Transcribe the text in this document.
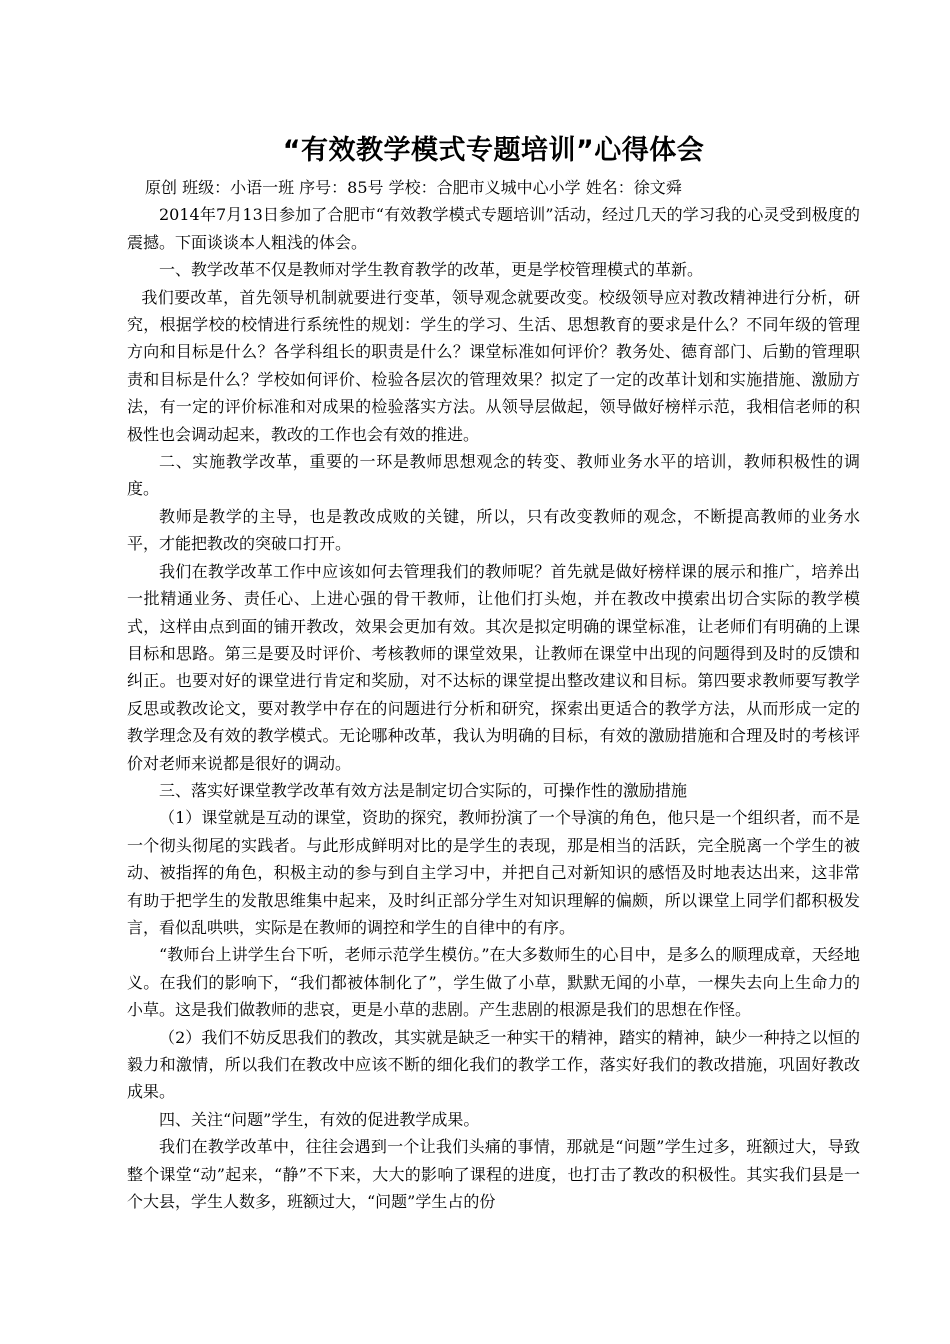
“有效教学模式专题培训”心得体会

原创 班级：小语一班 序号：85号 学校：合肥市义城中心小学 姓名：徐文舜

2014年7月13日参加了合肥市“有效教学模式专题培训”活动，经过几天的学习我的心灵受到极度的震撼。下面谈谈本人粗浅的体会。

一、教学改革不仅是教师对学生教育教学的改革，更是学校管理模式的革新。

我们要改革，首先领导机制就要进行变革，领导观念就要改变。校级领导应对教改精神进行分析，研究，根据学校的校情进行系统性的规划：学生的学习、生活、思想教育的要求是什么？不同年级的管理方向和目标是什么？各学科组长的职责是什么？课堂标准如何评价？教务处、德育部门、后勤的管理职责和目标是什么？学校如何评价、检验各层次的管理效果？拟定了一定的改革计划和实施措施、激励方法，有一定的评价标准和对成果的检验落实方法。从领导层做起，领导做好榜样示范，我相信老师的积极性也会调动起来，教改的工作也会有效的推进。

二、实施教学改革，重要的一环是教师思想观念的转变、教师业务水平的培训，教师积极性的调度。

教师是教学的主导，也是教改成败的关键，所以，只有改变教师的观念，不断提高教师的业务水平，才能把教改的突破口打开。

我们在教学改革工作中应该如何去管理我们的教师呢？首先就是做好榜样课的展示和推广，培养出一批精通业务、责任心、上进心强的骨干教师，让他们打头炮，并在教改中摸索出切合实际的教学模式，这样由点到面的铺开教改，效果会更加有效。其次是拟定明确的课堂标准，让老师们有明确的上课目标和思路。第三是要及时评价、考核教师的课堂效果，让教师在课堂中出现的问题得到及时的反馈和纠正。也要对好的课堂进行肯定和奖励，对不达标的课堂提出整改建议和目标。第四要求教师要写教学反思或教改论文，要对教学中存在的问题进行分析和研究，探索出更适合的教学方法，从而形成一定的教学理念及有效的教学模式。无论哪种改革，我认为明确的目标，有效的激励措施和合理及时的考核评价对老师来说都是很好的调动。

三、落实好课堂教学改革有效方法是制定切合实际的，可操作性的激励措施

（1）课堂就是互动的课堂，资助的探究，教师扮演了一个导演的角色，他只是一个组织者，而不是一个彻头彻尾的实践者。与此形成鲜明对比的是学生的表现，那是相当的活跃，完全脱离一个学生的被动、被指挥的角色，积极主动的参与到自主学习中，并把自己对新知识的感悟及时地表达出来，这非常有助于把学生的发散思维集中起来，及时纠正部分学生对知识理解的偏颇，所以课堂上同学们都积极发言，看似乱哄哄，实际是在教师的调控和学生的自律中的有序。

“教师台上讲学生台下听，老师示范学生模仿。”在大多数师生的心目中，是多么的顺理成章，天经地义。在我们的影响下，“我们都被体制化了”，学生做了小草，默默无闻的小草，一棵失去向上生命力的小草。这是我们做教师的悲哀，更是小草的悲剧。产生悲剧的根源是我们的思想在作怪。

（2）我们不妨反思我们的教改，其实就是缺乏一种实干的精神，踏实的精神，缺少一种持之以恒的毅力和激情，所以我们在教改中应该不断的细化我们的教学工作，落实好我们的教改措施，巩固好教改成果。

四、关注“问题”学生，有效的促进教学成果。

我们在教学改革中，往往会遇到一个让我们头痛的事情，那就是“问题”学生过多，班额过大，导致整个课堂“动”起来，“静”不下来，大大的影响了课程的进度，也打击了教改的积极性。其实我们县是一个大县，学生人数多，班额过大，“问题”学生占的份
